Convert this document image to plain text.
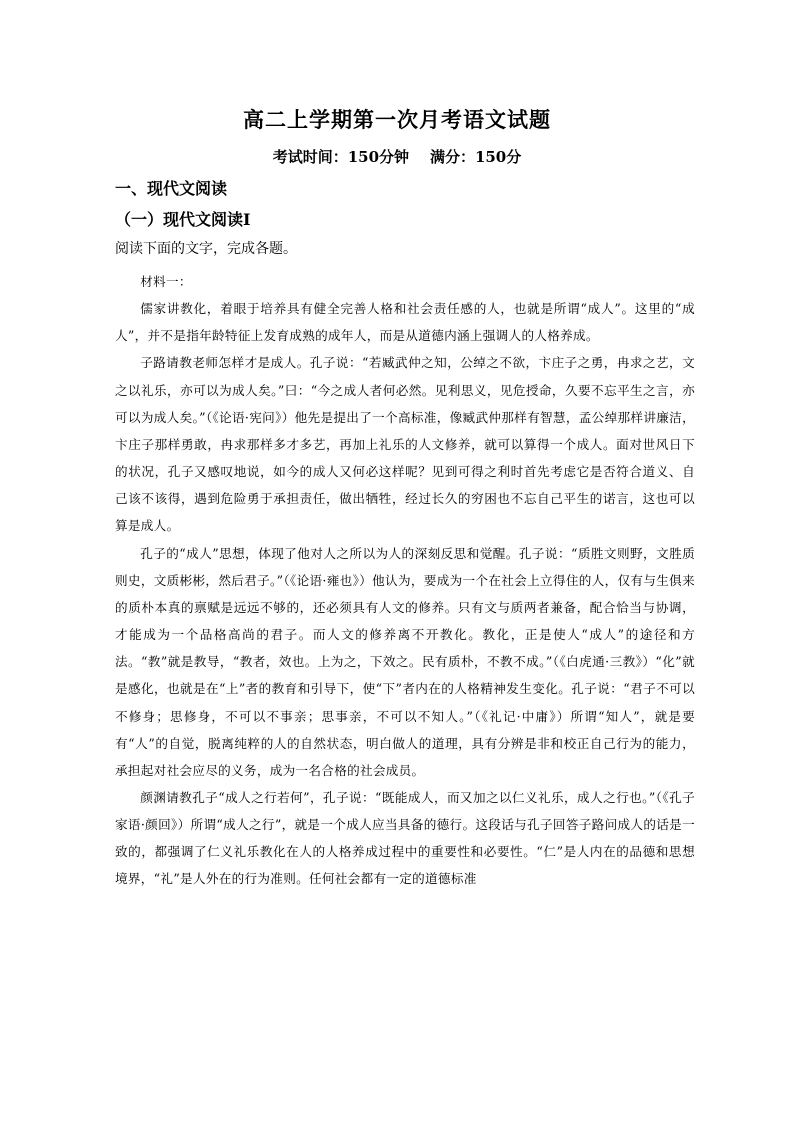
高二上学期第一次月考语文试题
考试时间：150分钟 满分：150分
一、现代文阅读
（一）现代文阅读Ⅰ
阅读下面的文字，完成各题。

材料一：

儒家讲教化，着眼于培养具有健全完善人格和社会责任感的人，也就是所谓“成人”。这里的“成人”，并不是指年龄特征上发育成熟的成年人，而是从道德内涵上强调人的人格养成。

子路请教老师怎样才是成人。孔子说：“若臧武仲之知，公绰之不欲，卞庄子之勇，冉求之艺，文之以礼乐，亦可以为成人矣。”曰：“今之成人者何必然。见利思义，见危授命，久要不忘平生之言，亦可以为成人矣。”（《论语·宪问》）他先是提出了一个高标准，像臧武仲那样有智慧，孟公绰那样讲廉洁，卞庄子那样勇敢，冉求那样多才多艺，再加上礼乐的人文修养，就可以算得一个成人。面对世风日下的状况，孔子又感叹地说，如今的成人又何必这样呢？见到可得之利时首先考虑它是否符合道义、自己该不该得，遇到危险勇于承担责任，做出牺牲，经过长久的穷困也不忘自己平生的诺言，这也可以算是成人。

孔子的“成人”思想，体现了他对人之所以为人的深刻反思和觉醒。孔子说：“质胜文则野，文胜质则史，文质彬彬，然后君子。”（《论语·雍也》）他认为，要成为一个在社会上立得住的人，仅有与生俱来的质朴本真的禀赋是远远不够的，还必须具有人文的修养。只有文与质两者兼备，配合恰当与协调，才能成为一个品格高尚的君子。而人文的修养离不开教化。教化，正是使人“成人”的途径和方法。“教”就是教导，“教者，效也。上为之，下效之。民有质朴，不教不成。”（《白虎通·三教》）“化”就是感化，也就是在“上”者的教育和引导下，使“下”者内在的人格精神发生变化。孔子说：“君子不可以不修身；思修身，不可以不事亲；思事亲，不可以不知人。”（《礼记·中庸》）所谓“知人”，就是要有“人”的自觉，脱离纯粹的人的自然状态，明白做人的道理，具有分辨是非和校正自己行为的能力，承担起对社会应尽的义务，成为一名合格的社会成员。

颜渊请教孔子“成人之行若何”，孔子说：“既能成人，而又加之以仁义礼乐，成人之行也。”（《孔子家语·颜回》）所谓“成人之行”，就是一个成人应当具备的德行。这段话与孔子回答子路问成人的话是一致的，都强调了仁义礼乐教化在人的人格养成过程中的重要性和必要性。“仁”是人内在的品德和思想境界，“礼”是人外在的行为准则。任何社会都有一定的道德标准
